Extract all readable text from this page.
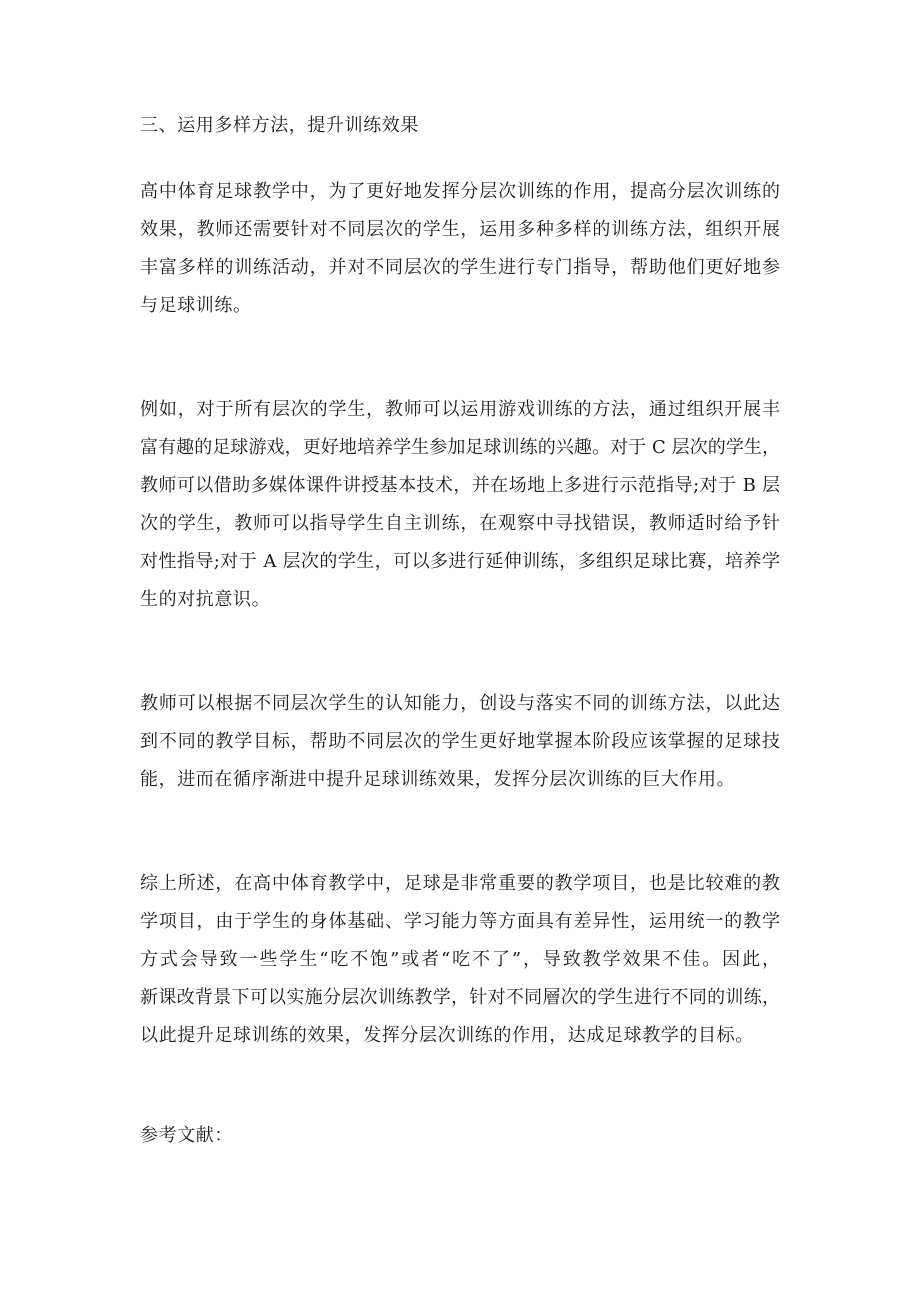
三、运用多样方法，提升训练效果

高中体育足球教学中，为了更好地发挥分层次训练的作用，提高分层次训练的

效果，教师还需要针对不同层次的学生，运用多种多样的训练方法，组织开展

丰富多样的训练活动，并对不同层次的学生进行专门指导，帮助他们更好地参

与足球训练。

例如，对于所有层次的学生，教师可以运用游戏训练的方法，通过组织开展丰

富有趣的足球游戏，更好地培养学生参加足球训练的兴趣。对于 C 层次的学生，

教师可以借助多媒体课件讲授基本技术，并在场地上多进行示范指导;对于 B 层

次的学生，教师可以指导学生自主训练，在观察中寻找错误，教师适时给予针

对性指导;对于 A 层次的学生，可以多进行延伸训练，多组织足球比赛，培养学

生的对抗意识。

教师可以根据不同层次学生的认知能力，创设与落实不同的训练方法，以此达

到不同的教学目标，帮助不同层次的学生更好地掌握本阶段应该掌握的足球技

能，进而在循序渐进中提升足球训练效果，发挥分层次训练的巨大作用。

综上所述，在高中体育教学中，足球是非常重要的教学项目，也是比较难的教

学项目，由于学生的身体基础、学习能力等方面具有差异性，运用统一的教学

方式会导致一些学生“吃不饱”或者“吃不了”，导致教学效果不佳。因此，

新课改背景下可以实施分层次训练教学，针对不同層次的学生进行不同的训练，

以此提升足球训练的效果，发挥分层次训练的作用，达成足球教学的目标。

参考文献：
